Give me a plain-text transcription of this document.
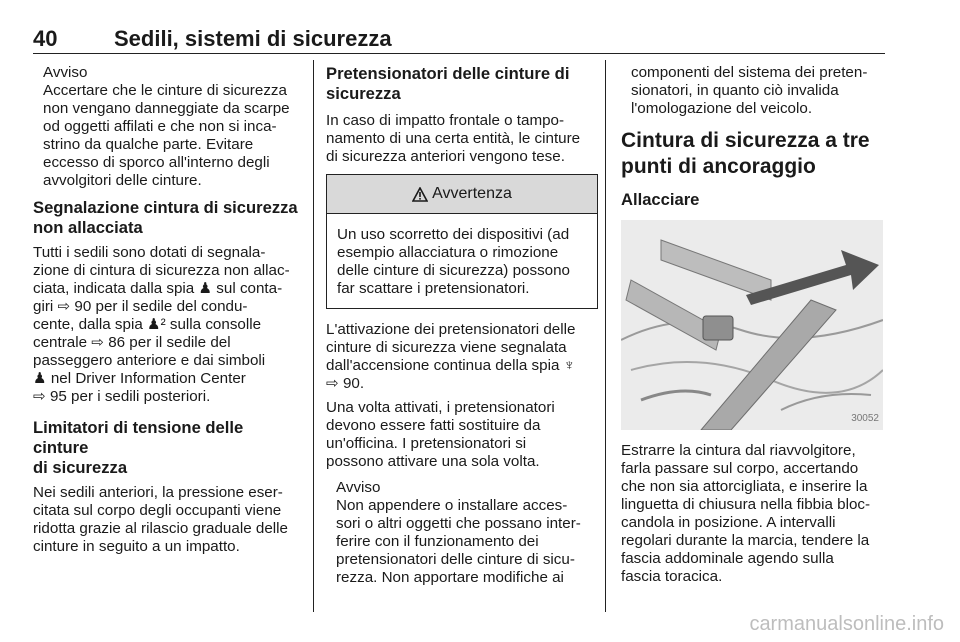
40	Sedili, sistemi di sicurezza

Avviso

Accertare che le cinture di sicurezza

non vengano danneggiate da scarpe

od oggetti affilati e che non si inca-

strino da qualche parte. Evitare

eccesso di sporco all'interno degli

avvolgitori delle cinture.

Segnalazione cintura di sicurezza
non allacciata

Tutti i sedili sono dotati di segnala-

zione di cintura di sicurezza non allac-

ciata, indicata dalla spia ♟ sul conta-

giri ⇨ 90 per il sedile del condu-

cente, dalla spia ♟² sulla consolle

centrale ⇨ 86 per il sedile del

passeggero anteriore e dai simboli

♟ nel Driver Information Center

⇨ 95 per i sedili posteriori.

Limitatori di tensione delle cinture
di sicurezza

Nei sedili anteriori, la pressione eser-

citata sul corpo degli occupanti viene

ridotta grazie al rilascio graduale delle

cinture in seguito a un impatto.

Pretensionatori delle cinture di
sicurezza

In caso di impatto frontale o tampo-

namento di una certa entità, le cinture

di sicurezza anteriori vengono tese.

Avvertenza

Un uso scorretto dei dispositivi (ad

esempio allacciatura o rimozione

delle cinture di sicurezza) possono

far scattare i pretensionatori.

L'attivazione dei pretensionatori delle

cinture di sicurezza viene segnalata

dall'accensione continua della spia ♆

⇨ 90.

Una volta attivati, i pretensionatori

devono essere fatti sostituire da

un'officina. I pretensionatori si

possono attivare una sola volta.

Avviso

Non appendere o installare acces-

sori o altri oggetti che possano inter-

ferire con il funzionamento dei

pretensionatori delle cinture di sicu-

rezza. Non apportare modifiche ai

componenti del sistema dei preten-

sionatori, in quanto ciò invalida

l'omologazione del veicolo.

Cintura di sicurezza a tre
punti di ancoraggio
Allacciare
30052

Estrarre la cintura dal riavvolgitore,

farla passare sul corpo, accertando

che non sia attorcigliata, e inserire la

linguetta di chiusura nella fibbia bloc-

candola in posizione. A intervalli

regolari durante la marcia, tendere la

fascia addominale agendo sulla

fascia toracica.

carmanualsonline.info
